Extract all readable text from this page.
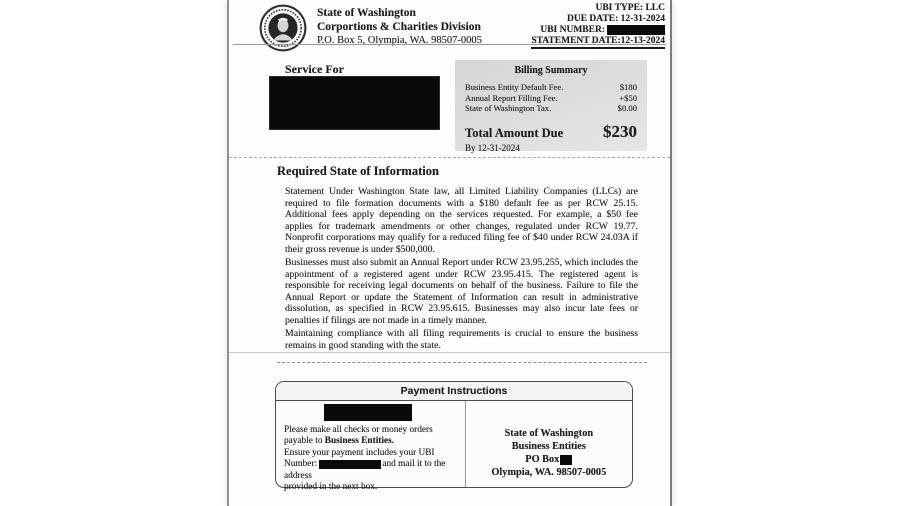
State of Washington
Corportions & Charities Division
P.O. Box 5, Olympia, WA. 98507-0005
UBI TYPE: LLC
DUE DATE: 12-31-2024
UBI NUMBER:
STATEMENT DATE:12-13-2024
Service For	Billing Summary
Business Entity Default Fee.	$180
Annual Report Filling Fee.	+$50
State of Washington Tax.	$0.00
Total Amount Due $230
By 12-31-2024
Required State of Information
Statement Under Washington State law, all Limited Liability Companies (LLCs) are required to file formation documents with a $180 default fee as per RCW 25.15. Additional fees apply depending on the services requested. For example, a $50 fee applies for trademark amendments or other changes, regulated under RCW 19.77. Nonprofit corporations may qualify for a reduced filing fee of $40 under RCW 24.03A if their gross revenue is under $500,000.
Businesses must also submit an Annual Report under RCW 23.95.255, which includes the appointment of a registered agent under RCW 23.95.415. The registered agent is responsible for receiving legal documents on behalf of the business. Failure to file the Annual Report or update the Statement of Information can result in administrative dissolution, as specified in RCW 23.95.615. Businesses may also incur late fees or penalties if filings are not made in a timely manner.
Maintaining compliance with all filing requirements is crucial to ensure the business remains in good standing with the state.
Payment Instructions
Please make all checks or money orders
payable to Business Entities.
Ensure your payment includes your UBI
Number:	and mail it to the address
provided in the next box.
State of Washington
Business Entities
PO Box
Olympia, WA. 98507-0005
